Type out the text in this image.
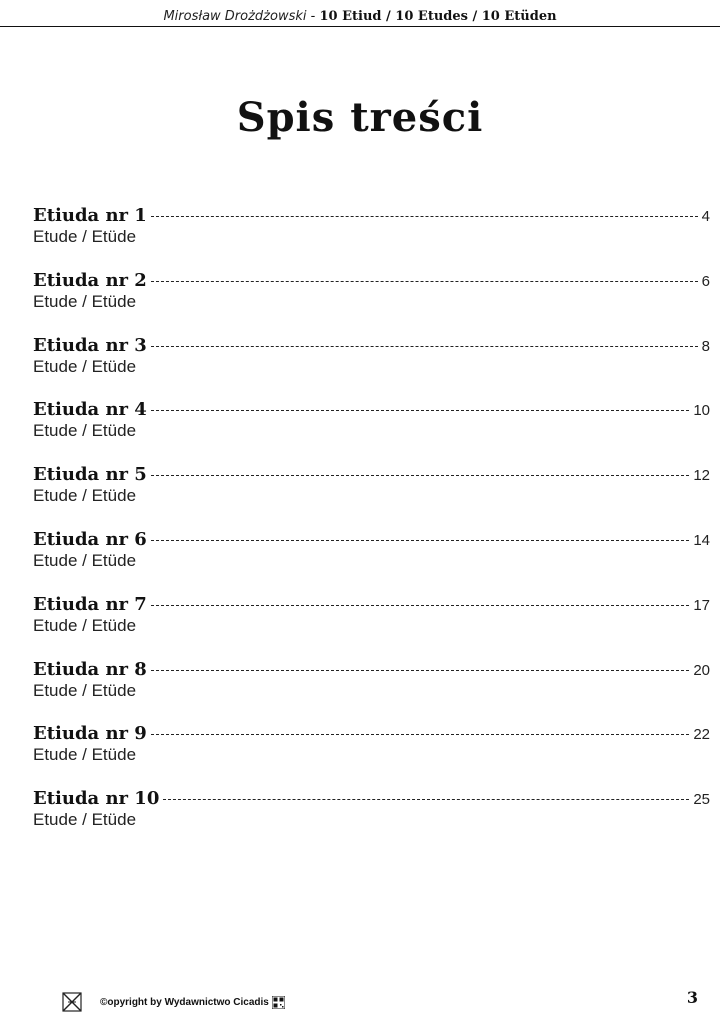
Mirosław Drożdżowski - 10 Etiud / 10 Etudes / 10 Etüden
Spis treści
Etiuda nr 1	4
Etude / Etüde
Etiuda nr 2	6
Etude / Etüde
Etiuda nr 3	8
Etude / Etüde
Etiuda nr 4	10
Etude / Etüde
Etiuda nr 5	12
Etude / Etüde
Etiuda nr 6	14
Etude / Etüde
Etiuda nr 7	17
Etude / Etüde
Etiuda nr 8	20
Etude / Etüde
Etiuda nr 9	22
Etude / Etüde
Etiuda nr 10	25
Etude / Etüde
©opyright by Wydawnictwo Cicadis	3
